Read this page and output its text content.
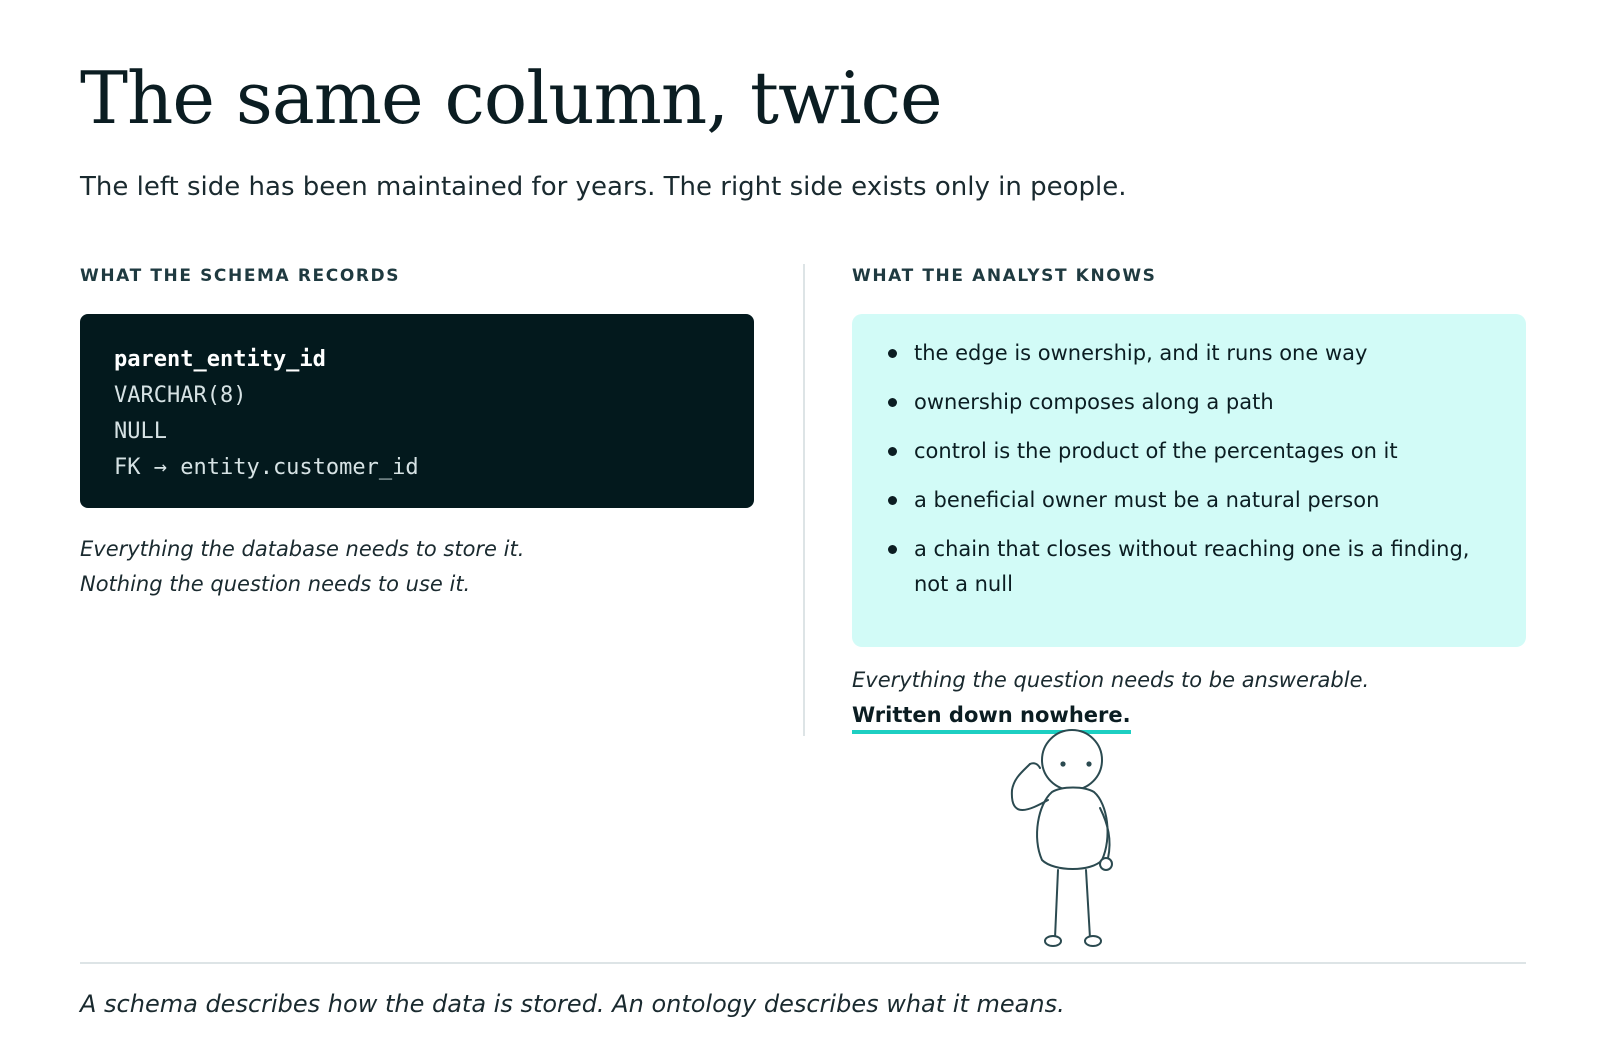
The same column, twice

The left side has been maintained for years. The right side exists only in people.

WHAT THE SCHEMA RECORDS
parent_entity_id
VARCHAR(8)
NULL
FK → entity.customer_id
Everything the database needs to store it.
Nothing the question needs to use it.
WHAT THE ANALYST KNOWS
the edge is ownership, and it runs one way
ownership composes along a path
control is the product of the percentages on it
a beneficial owner must be a natural person
a chain that closes without reaching one is a finding, not a null

Everything the question needs to be answerable.

Written down nowhere.

A schema describes how the data is stored. An ontology describes what it means.
